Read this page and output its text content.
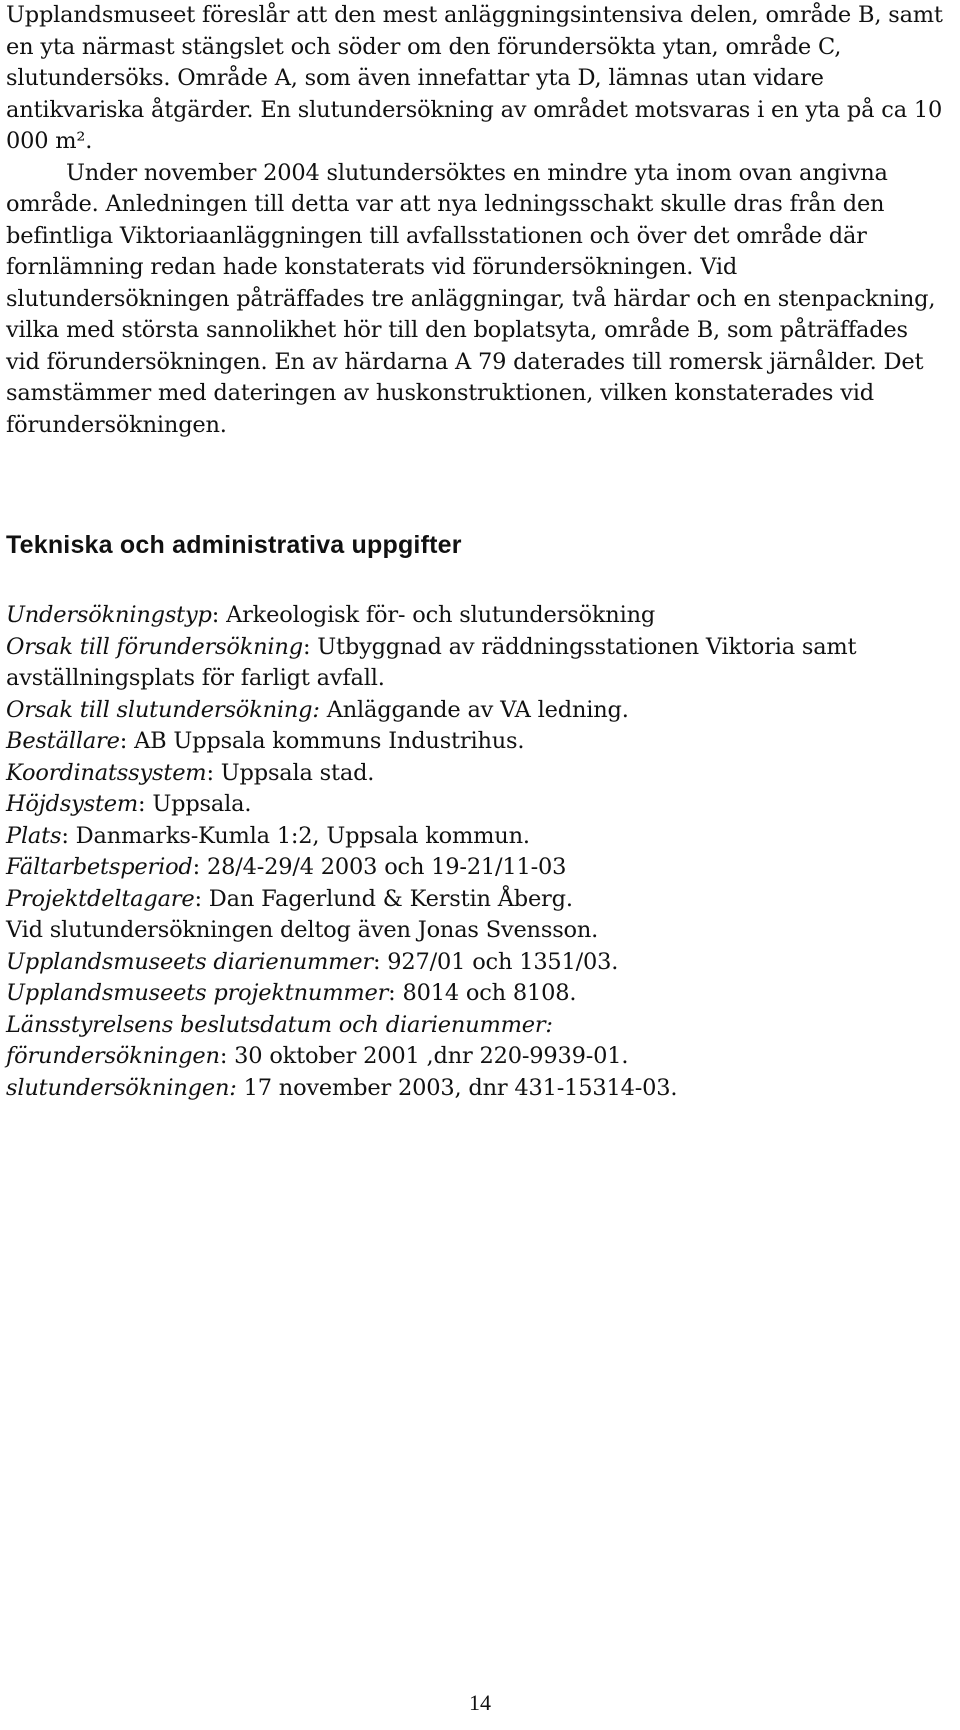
Upplandsmuseet föreslår att den mest anläggningsintensiva delen, område B, samt en yta närmast stängslet och söder om den förundersökta ytan, område C, slutundersöks. Område A, som även innefattar yta D, lämnas utan vidare antikvariska åtgärder. En slutundersökning av området motsvaras i en yta på ca 10 000 m².

Under november 2004 slutundersöktes en mindre yta inom ovan angivna område. Anledningen till detta var att nya ledningsschakt skulle dras från den befintliga Viktoriaanläggningen till avfallsstationen och över det område där fornlämning redan hade konstaterats vid förundersökningen. Vid slutundersökningen påträffades tre anläggningar, två härdar och en stenpackning, vilka med största sannolikhet hör till den boplatsyta, område B, som påträffades vid förundersökningen. En av härdarna A 79 daterades till romersk järnålder. Det samstämmer med dateringen av huskonstruktionen, vilken konstaterades vid förundersökningen.

Tekniska och administrativa uppgifter

Undersökningstyp: Arkeologisk för- och slutundersökning

Orsak till förundersökning: Utbyggnad av räddningsstationen Viktoria samt avställningsplats för farligt avfall.

Orsak till slutundersökning: Anläggande av VA ledning.

Beställare: AB Uppsala kommuns Industrihus.

Koordinatssystem: Uppsala stad.

Höjdsystem: Uppsala.

Plats: Danmarks-Kumla 1:2, Uppsala kommun.

Fältarbetsperiod: 28/4-29/4 2003 och 19-21/11-03

Projektdeltagare: Dan Fagerlund & Kerstin Åberg.

Vid slutundersökningen deltog även Jonas Svensson.

Upplandsmuseets diarienummer: 927/01 och 1351/03.

Upplandsmuseets projektnummer: 8014 och 8108.

Länsstyrelsens beslutsdatum och diarienummer:

förundersökningen: 30 oktober 2001 ,dnr 220-9939-01.

slutundersökningen: 17 november 2003, dnr 431-15314-03.

14
